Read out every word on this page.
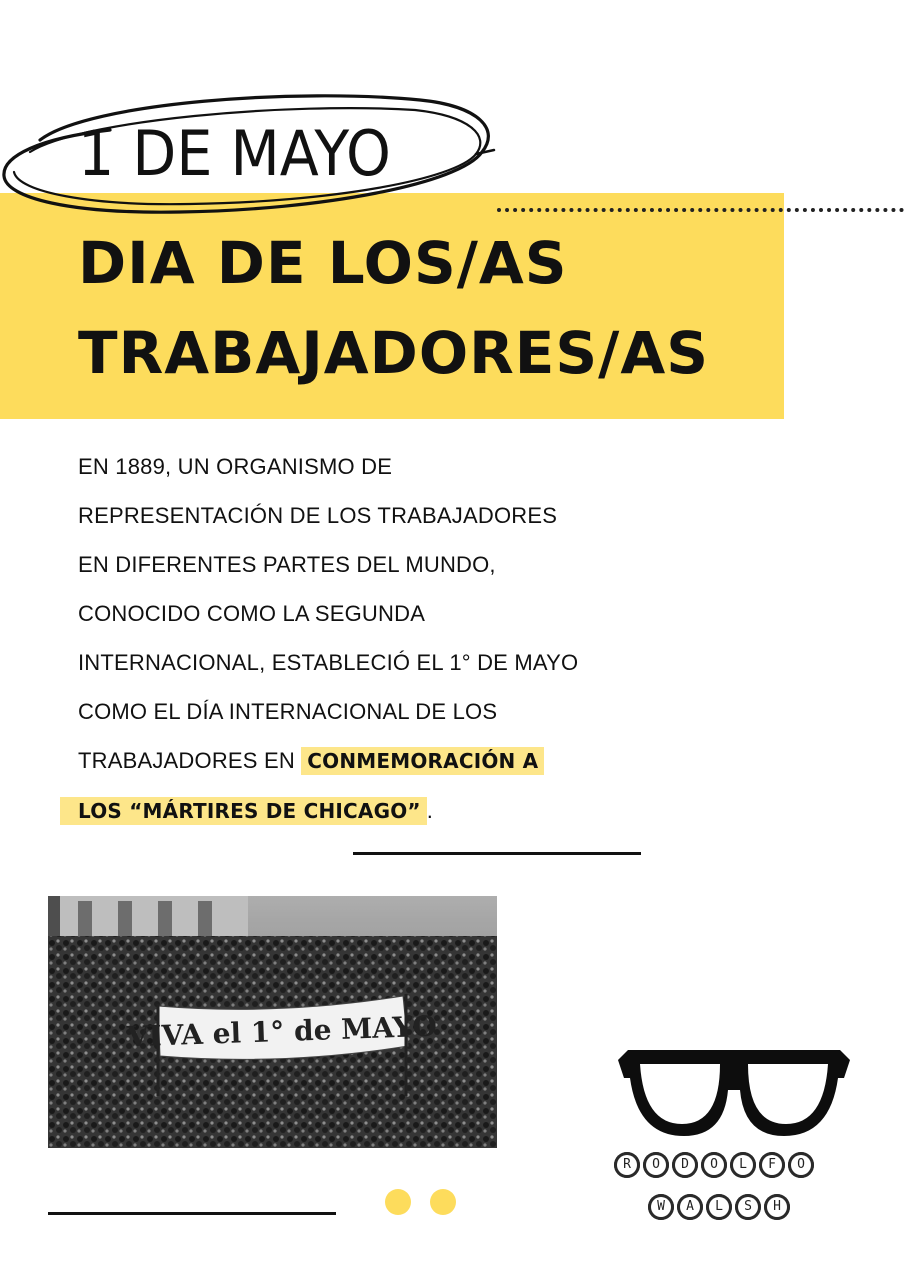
1 DE MAYO
DIA DE LOS/AS
TRABAJADORES/AS
EN 1889, UN ORGANISMO DE
REPRESENTACIÓN DE LOS TRABAJADORES
EN DIFERENTES PARTES DEL MUNDO,
CONOCIDO COMO LA SEGUNDA
INTERNACIONAL, ESTABLECIÓ EL 1° DE MAYO
COMO EL DÍA INTERNACIONAL DE LOS
TRABAJADORES EN CONMEMORACIÓN A
LOS “MÁRTIRES DE CHICAGO” .
VIVA el 1° de MAYO
R	O	D	O	L	F	O
W	A	L	S	H
